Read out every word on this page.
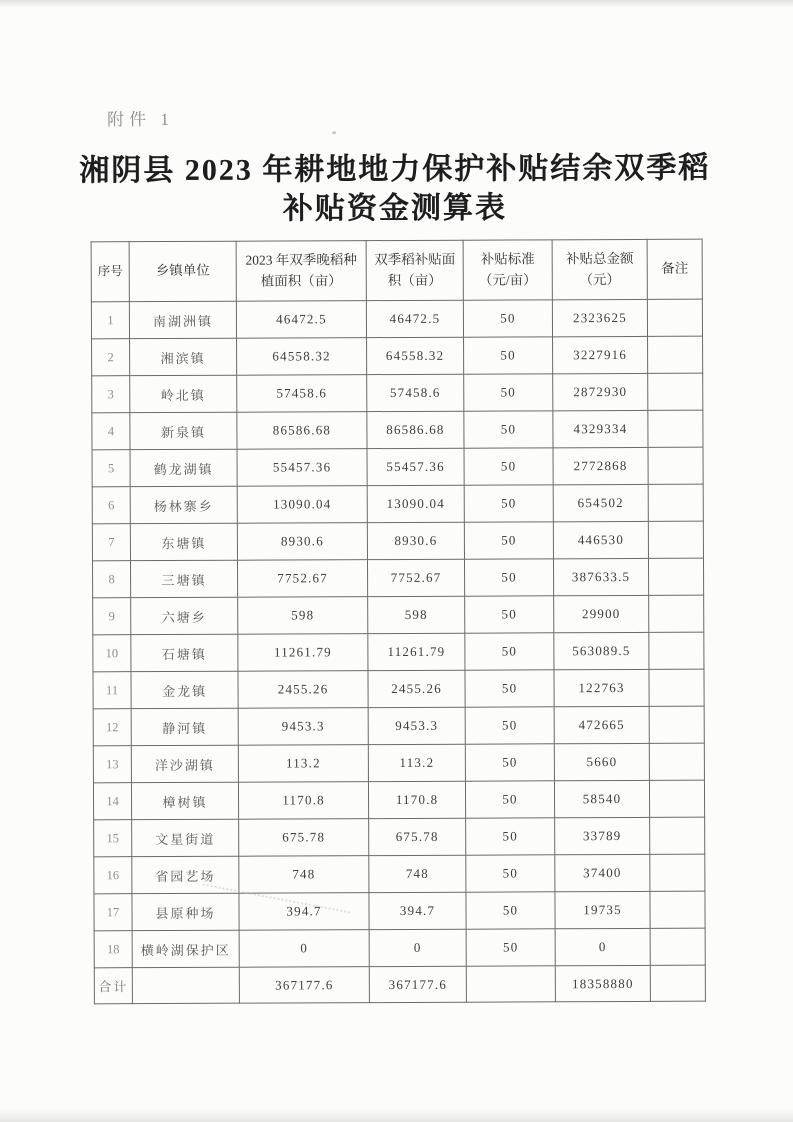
附件 1
湘阴县 2023 年耕地地力保护补贴结余双季稻
补贴资金测算表
序号	乡镇单位	2023 年双季晚稻种植面积（亩）	双季稻补贴面积（亩）	补贴标准（元/亩）	补贴总金额（元）	备注
1	南湖洲镇	46472.5	46472.5	50	2323625	
2	湘滨镇	64558.32	64558.32	50	3227916	
3	岭北镇	57458.6	57458.6	50	2872930	
4	新泉镇	86586.68	86586.68	50	4329334	
5	鹤龙湖镇	55457.36	55457.36	50	2772868	
6	杨林寨乡	13090.04	13090.04	50	654502	
7	东塘镇	8930.6	8930.6	50	446530	
8	三塘镇	7752.67	7752.67	50	387633.5	
9	六塘乡	598	598	50	29900	
10	石塘镇	11261.79	11261.79	50	563089.5	
11	金龙镇	2455.26	2455.26	50	122763	
12	静河镇	9453.3	9453.3	50	472665	
13	洋沙湖镇	113.2	113.2	50	5660	
14	樟树镇	1170.8	1170.8	50	58540	
15	文星街道	675.78	675.78	50	33789	
16	省园艺场	748	748	50	37400	
17	县原种场	394.7	394.7	50	19735	
18	横岭湖保护区	0	0	50	0	
合计		367177.6	367177.6		18358880	
